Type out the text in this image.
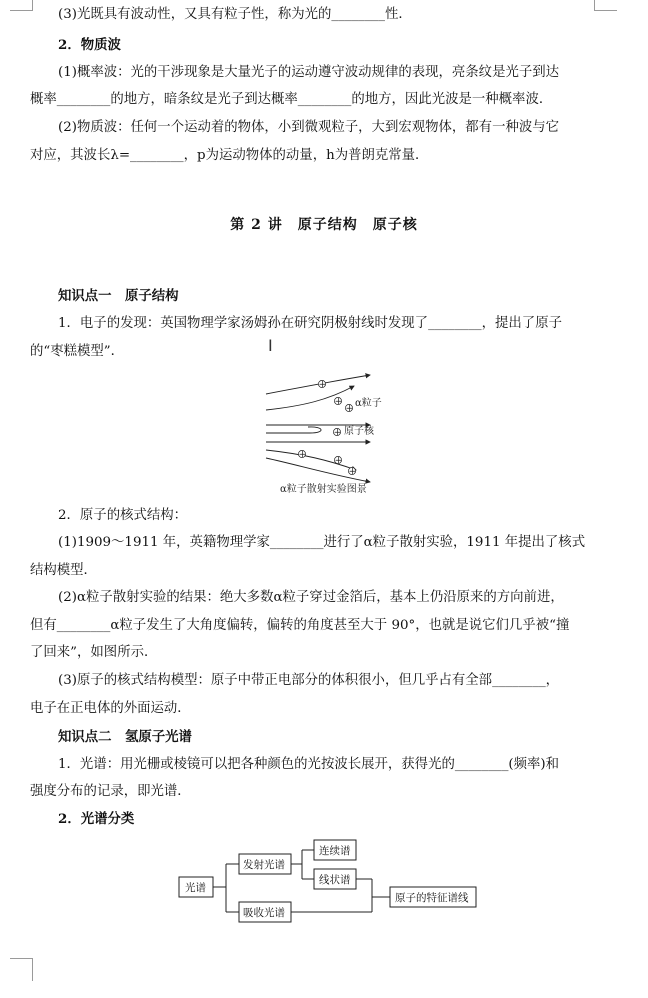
(3)光既具有波动性，又具有粒子性，称为光的________性．
2．物质波
(1)概率波：光的干涉现象是大量光子的运动遵守波动规律的表现，亮条纹是光子到达
概率________的地方，暗条纹是光子到达概率________的地方，因此光波是一种概率波．
(2)物质波：任何一个运动着的物体，小到微观粒子，大到宏观物体，都有一种波与它
对应，其波长λ=________，p为运动物体的动量，h为普朗克常量．
第 2 讲　原子结构　原子核
知识点一　原子结构
1．电子的发现：英国物理学家汤姆孙在研究阴极射线时发现了________，提出了原子
的“枣糕模型”．	Ⅰ
+
+
+
+
+
+
+
α粒子
原子核
α粒子散射实验图景
2．原子的核式结构：
(1)1909～1911 年，英籍物理学家________进行了α粒子散射实验，1911 年提出了核式
结构模型．
(2)α粒子散射实验的结果：绝大多数α粒子穿过金箔后，基本上仍沿原来的方向前进，
但有________α粒子发生了大角度偏转，偏转的角度甚至大于 90°，也就是说它们几乎被“撞
了回来”，如图所示．
(3)原子的核式结构模型：原子中带正电部分的体积很小，但几乎占有全部________，
电子在正电体的外面运动．
知识点二　氢原子光谱
1．光谱：用光栅或棱镜可以把各种颜色的光按波长展开，获得光的________(频率)和
强度分布的记录，即光谱．
2．光谱分类
光谱
发射光谱
吸收光谱
连续谱
线状谱
原子的特征谱线
